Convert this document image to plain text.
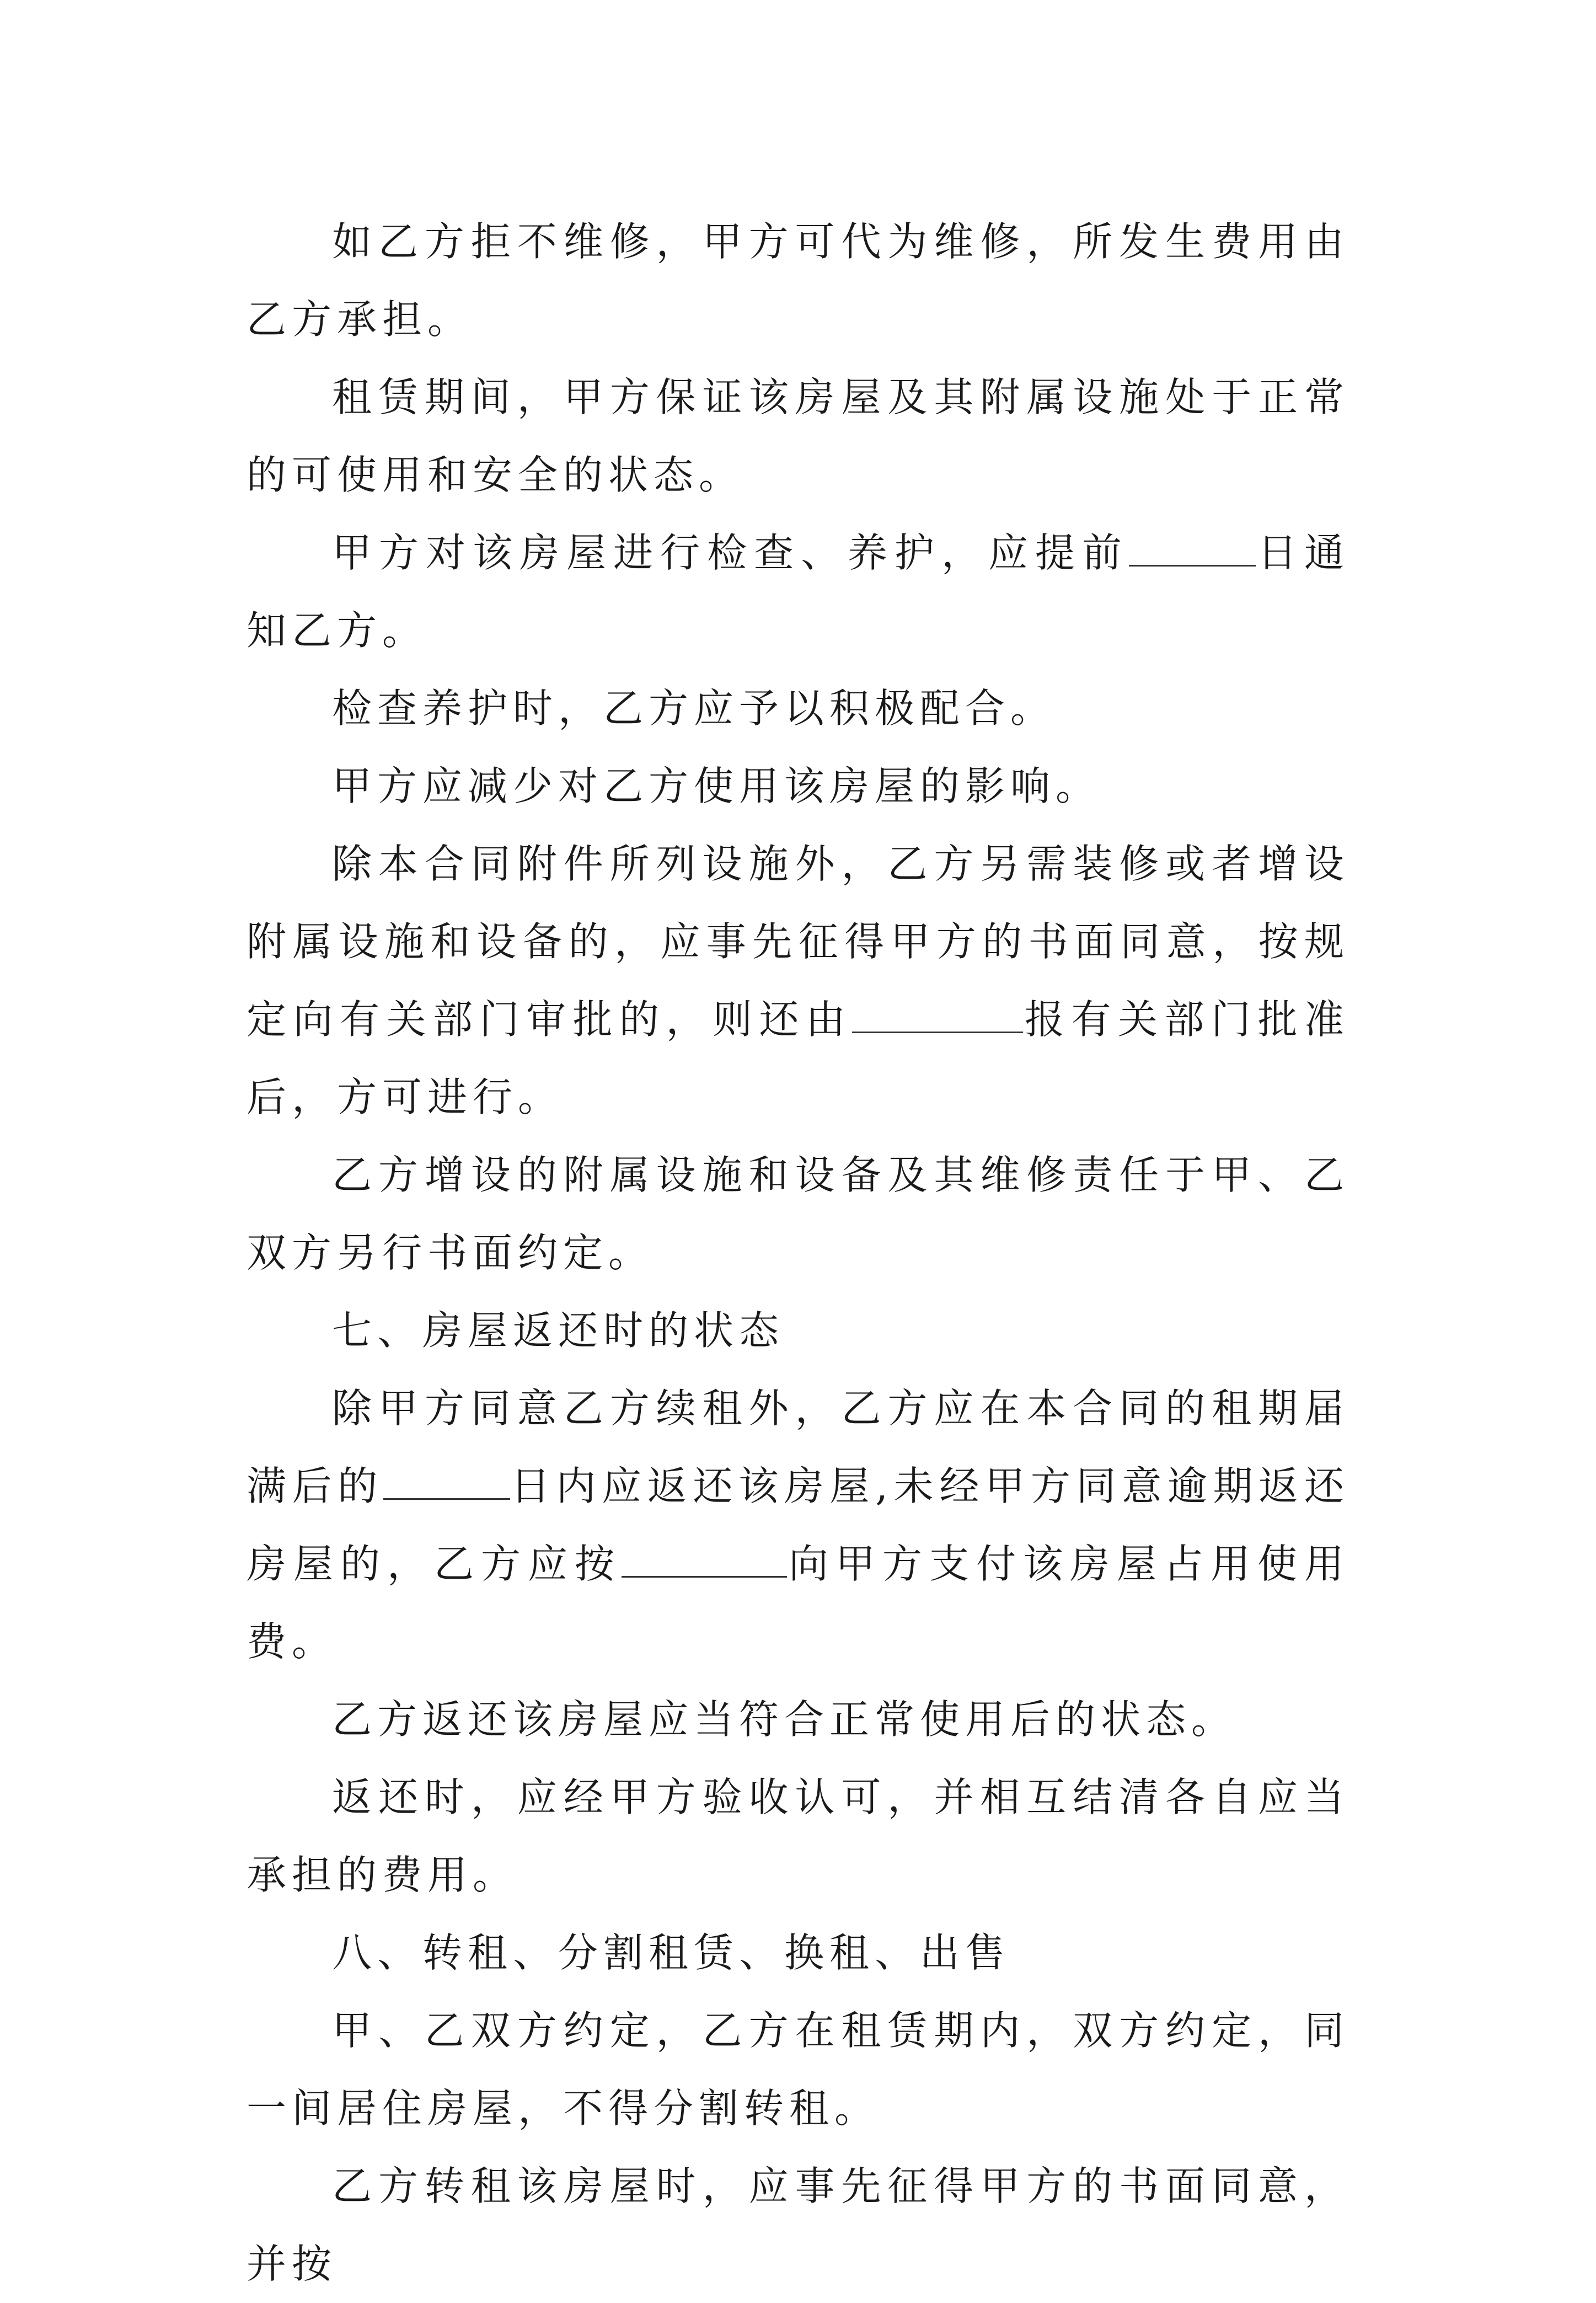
如乙方拒不维修，甲方可代为维修，所发生费用由乙方承担。

租赁期间，甲方保证该房屋及其附属设施处于正常的可使用和安全的状态。

甲方对该房屋进行检查、养护，应提前	日通知乙方。

检查养护时，乙方应予以积极配合。

甲方应减少对乙方使用该房屋的影响。

除本合同附件所列设施外，乙方另需装修或者增设附属设施和设备的，应事先征得甲方的书面同意，按规定向有关部门审批的，则还由	报有关部门批准后，方可进行。

乙方增设的附属设施和设备及其维修责任于甲、乙双方另行书面约定。

七、房屋返还时的状态

除甲方同意乙方续租外，乙方应在本合同的租期届满后的	日内应返还该房屋,未经甲方同意逾期返还房屋的，乙方应按	向甲方支付该房屋占用使用费。

乙方返还该房屋应当符合正常使用后的状态。

返还时，应经甲方验收认可，并相互结清各自应当承担的费用。

八、转租、分割租赁、换租、出售

甲、乙双方约定，乙方在租赁期内，双方约定，同一间居住房屋，不得分割转租。

乙方转租该房屋时，应事先征得甲方的书面同意，并按
